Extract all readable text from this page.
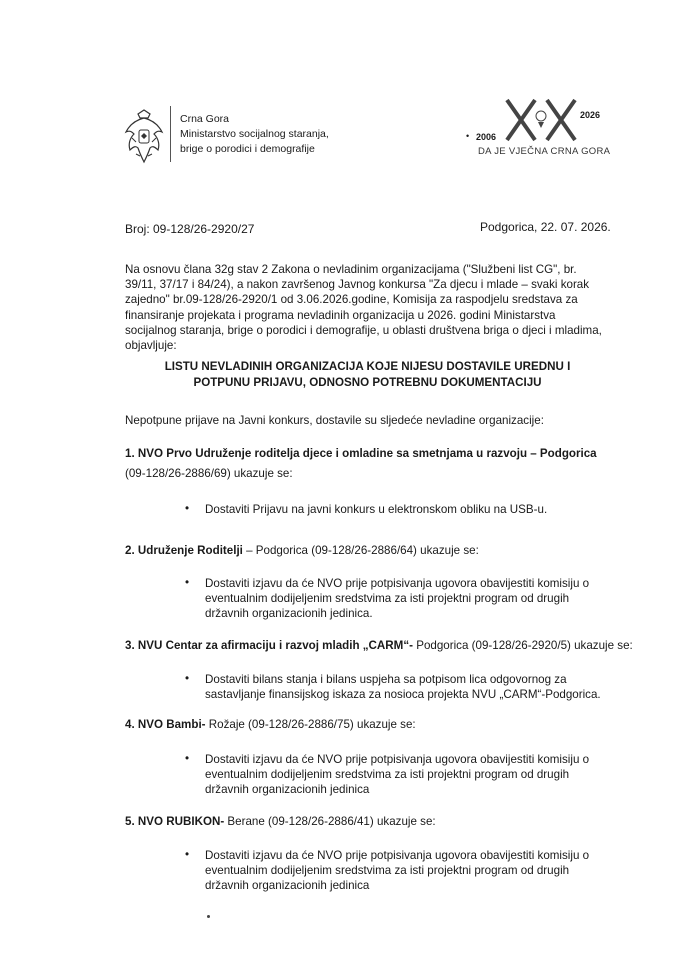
Crna Gora
Ministarstvo socijalnog staranja,
brige o porodici i demografije
2026
• 2006
DA JE VJEČNA CRNA GORA
Broj: 09-128/26-2920/27	Podgorica, 22. 07. 2026.
Na osnovu člana 32g stav 2 Zakona o nevladinim organizacijama ("Službeni list CG", br.
39/11, 37/17 i 84/24), a nakon završenog Javnog konkursa "Za djecu i mlade – svaki korak
zajedno" br.09-128/26-2920/1 od 3.06.2026.godine, Komisija za raspodjelu sredstava za
finansiranje projekata i programa nevladinih organizacija u 2026. godini Ministarstva
socijalnog staranja, brige o porodici i demografije, u oblasti društvena briga o djeci i mladima,
objavljuje:
LISTU NEVLADINIH ORGANIZACIJA KOJE NIJESU DOSTAVILE UREDNU I
POTPUNU PRIJAVU, ODNOSNO POTREBNU DOKUMENTACIJU
Nepotpune prijave na Javni konkurs, dostavile su sljedeće nevladine organizacije:
1. NVO Prvo Udruženje roditelja djece i omladine sa smetnjama u razvoju – Podgorica
(09-128/26-2886/69) ukazuje se:
• Dostaviti Prijavu na javni konkurs u elektronskom obliku na USB-u.
2. Udruženje Roditelji – Podgorica (09-128/26-2886/64) ukazuje se:
• Dostaviti izjavu da će NVO prije potpisivanja ugovora obavijestiti komisiju o
eventualnim dodijeljenim sredstvima za isti projektni program od drugih
državnih organizacionih jedinica.
3. NVU Centar za afirmaciju i razvoj mladih „CARM“- Podgorica (09-128/26-2920/5) ukazuje se:
• Dostaviti bilans stanja i bilans uspjeha sa potpisom lica odgovornog za
sastavljanje finansijskog iskaza za nosioca projekta NVU „CARM“-Podgorica.
4. NVO Bambi- Rožaje (09-128/26-2886/75) ukazuje se:
• Dostaviti izjavu da će NVO prije potpisivanja ugovora obavijestiti komisiju o
eventualnim dodijeljenim sredstvima za isti projektni program od drugih
državnih organizacionih jedinica
5. NVO RUBIKON- Berane (09-128/26-2886/41) ukazuje se:
• Dostaviti izjavu da će NVO prije potpisivanja ugovora obavijestiti komisiju o
eventualnim dodijeljenim sredstvima za isti projektni program od drugih
državnih organizacionih jedinica
